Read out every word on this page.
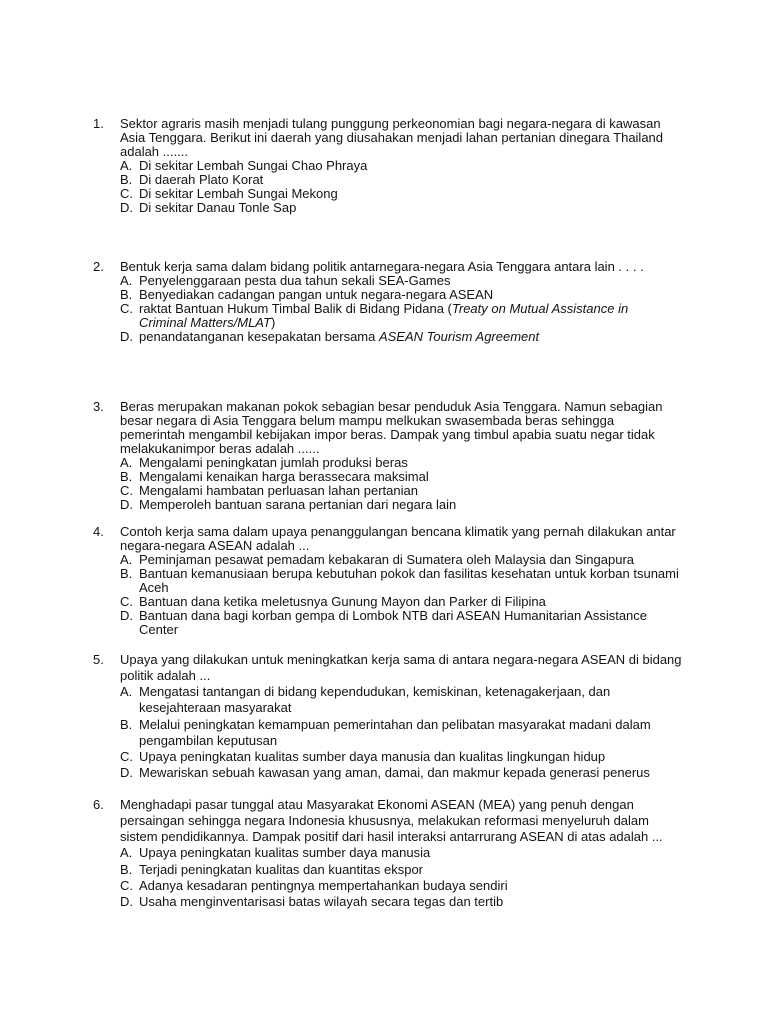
1.	Sektor agraris masih menjadi tulang punggung perkeonomian bagi negara-negara di kawasan
Asia Tenggara. Berikut ini daerah yang diusahakan menjadi lahan pertanian dinegara Thailand
adalah .......
A. Di sekitar Lembah Sungai Chao Phraya
B. Di daerah Plato Korat
C. Di sekitar Lembah Sungai Mekong
D. Di sekitar Danau Tonle Sap
2.	Bentuk kerja sama dalam bidang politik antarnegara-negara Asia Tenggara antara lain . . . .
A. Penyelenggaraan pesta dua tahun sekali SEA-Games
B. Benyediakan cadangan pangan untuk negara-negara ASEAN
C. raktat Bantuan Hukum Timbal Balik di Bidang Pidana (Treaty on Mutual Assistance in
Criminal Matters/MLAT)
D. penandatanganan kesepakatan bersama ASEAN Tourism Agreement
3.	Beras merupakan makanan pokok sebagian besar penduduk Asia Tenggara. Namun sebagian
besar negara di Asia Tenggara belum mampu melkukan swasembada beras sehingga
pemerintah mengambil kebijakan impor beras. Dampak yang timbul apabia suatu negar tidak
melakukanimpor beras adalah ......
A. Mengalami peningkatan jumlah produksi beras
B. Mengalami kenaikan harga berassecara maksimal
C. Mengalami hambatan perluasan lahan pertanian
D. Memperoleh bantuan sarana pertanian dari negara lain
4.	Contoh kerja sama dalam upaya penanggulangan bencana klimatik yang pernah dilakukan antar
negara-negara ASEAN adalah ...
A. Peminjaman pesawat pemadam kebakaran di Sumatera oleh Malaysia dan Singapura
B. Bantuan kemanusiaan berupa kebutuhan pokok dan fasilitas kesehatan untuk korban tsunami
Aceh
C. Bantuan dana ketika meletusnya Gunung Mayon dan Parker di Filipina
D. Bantuan dana bagi korban gempa di Lombok NTB dari ASEAN Humanitarian Assistance
Center
5.	Upaya yang dilakukan untuk meningkatkan kerja sama di antara negara-negara ASEAN di bidang
politik adalah ...
A. Mengatasi tantangan di bidang kependudukan, kemiskinan, ketenagakerjaan, dan
kesejahteraan masyarakat
B. Melalui peningkatan kemampuan pemerintahan dan pelibatan masyarakat madani dalam
pengambilan keputusan
C. Upaya peningkatan kualitas sumber daya manusia dan kualitas lingkungan hidup
D. Mewariskan sebuah kawasan yang aman, damai, dan makmur kepada generasi penerus
6.	Menghadapi pasar tunggal atau Masyarakat Ekonomi ASEAN (MEA) yang penuh dengan
persaingan sehingga negara Indonesia khususnya, melakukan reformasi menyeluruh dalam
sistem pendidikannya. Dampak positif dari hasil interaksi antarrurang ASEAN di atas adalah ...
A. Upaya peningkatan kualitas sumber daya manusia
B. Terjadi peningkatan kualitas dan kuantitas ekspor
C. Adanya kesadaran pentingnya mempertahankan budaya sendiri
D. Usaha menginventarisasi batas wilayah secara tegas dan tertib
